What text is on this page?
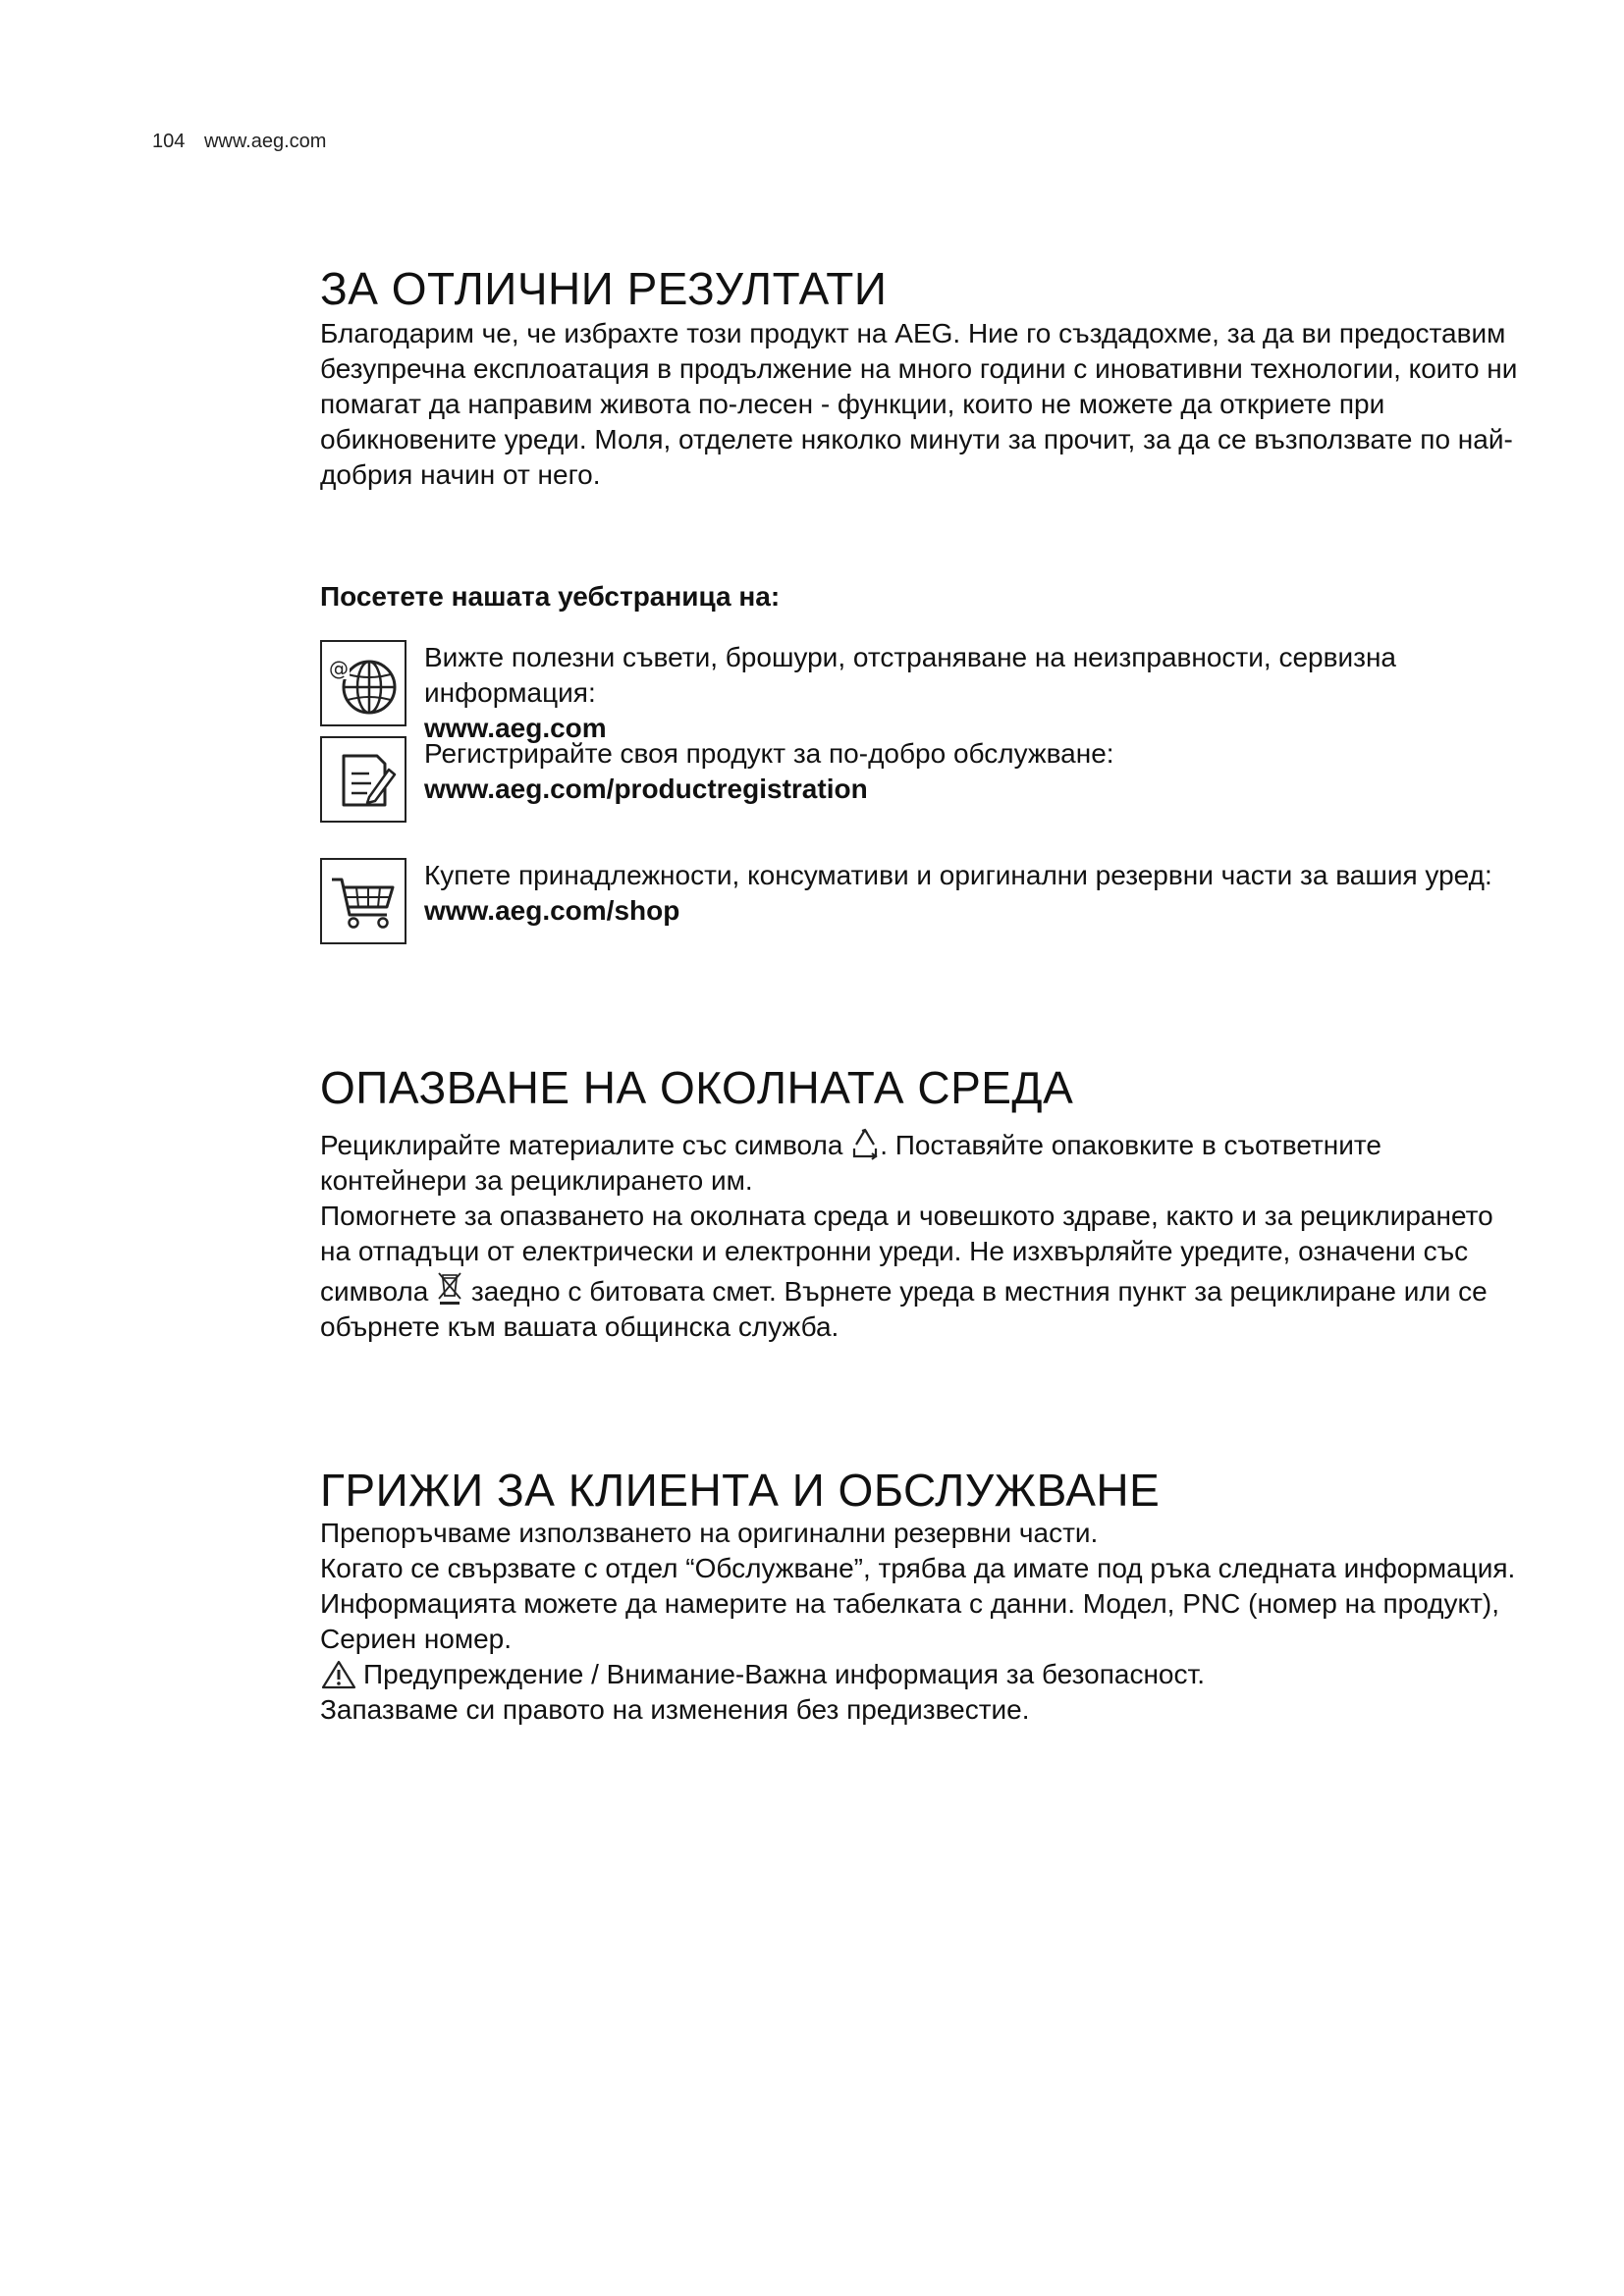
104 www.aeg.com
ЗА ОТЛИЧНИ РЕЗУЛТАТИ

Благодарим че, че избрахте този продукт на AEG. Ние го създадохме, за да ви предоставим безупречна експлоатация в продължение на много години с иновативни технологии, които ни помагат да направим живота по-лесен - функции, които не можете да откриете при обикновените уреди. Моля, отделете няколко минути за прочит, за да се възползвате по най-добрия начин от него.

Посетете нашата уебстраница на:
@	Вижте полезни съвети, брошури, отстраняване на неизправности, сервизна информация:

www.aeg.com

Регистрирайте своя продукт за по-добро обслужване:

www.aeg.com/productregistration

Купете принадлежности, консумативи и оригинални резервни части за вашия уред:

www.aeg.com/shop

ОПАЗВАНЕ НА ОКОЛНАТА СРЕДА

Рециклирайте материалите със символа . Поставяйте опаковките в съответните контейнери за рециклирането им.

Помогнете за опазването на околната среда и човешкото здраве, както и за рециклирането на отпадъци от електрически и електронни уреди. Не изхвърляйте уредите, означени със символа  заедно с битовата смет. Върнете уреда в местния пункт за рециклиране или се обърнете към вашата общинска служба.

ГРИЖИ ЗА КЛИЕНТА И ОБСЛУЖВАНЕ

Препоръчваме използването на оригинални резервни части.

Когато се свързвате с отдел “Обслужване”, трябва да имате под ръка следната информация.

Информацията можете да намерите на табелката с данни. Модел, PNC (номер на продукт), Сериен номер.

Предупреждение / Внимание-Важна информация за безопасност.

Запазваме си правото на изменения без предизвестие.
